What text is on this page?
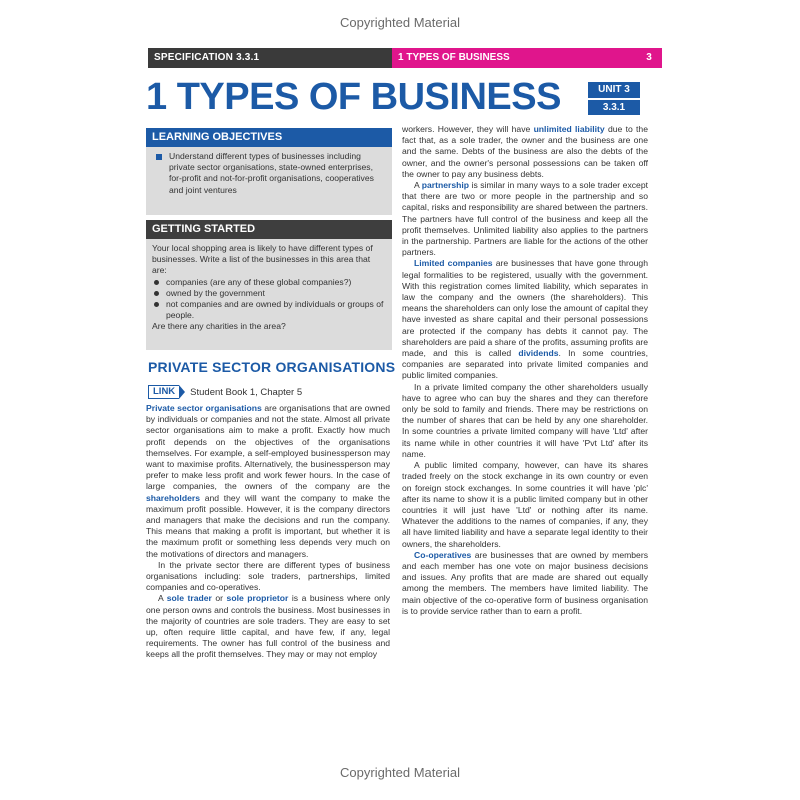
Copyrighted Material
SPECIFICATION 3.3.1	1 TYPES OF BUSINESS	3
1 TYPES OF BUSINESS	UNIT 3
3.3.1
LEARNING OBJECTIVES
Understand different types of businesses including private sector organisations, state-owned enterprises, for-profit and not-for-profit organisations, cooperatives and joint ventures
GETTING STARTED
Your local shopping area is likely to have different types of businesses. Write a list of the businesses in this area that are:
companies (are any of these global companies?)
owned by the government
not companies and are owned by individuals or groups of people.
Are there any charities in the area?
PRIVATE SECTOR ORGANISATIONS
LINK	Student Book 1, Chapter 5

Private sector organisations are organisations that are owned by individuals or companies and not the state. Almost all private sector organisations aim to make a profit. Exactly how much profit depends on the objectives of the organisations themselves. For example, a self-employed businessperson may want to maximise profits. Alternatively, the businessperson may prefer to make less profit and work fewer hours. In the case of large companies, the owners of the company are the shareholders and they will want the company to make the maximum profit possible. However, it is the company directors and managers that make the decisions and run the company. This means that making a profit is important, but whether it is the maximum profit or something less depends very much on the motivations of directors and managers.

In the private sector there are different types of business organisations including: sole traders, partnerships, limited companies and co-operatives.

A sole trader or sole proprietor is a business where only one person owns and controls the business. Most businesses in the majority of countries are sole traders. They are easy to set up, often require little capital, and have few, if any, legal requirements. The owner has full control of the business and keeps all the profit themselves. They may or may not employ

workers. However, they will have unlimited liability due to the fact that, as a sole trader, the owner and the business are one and the same. Debts of the business are also the debts of the owner, and the owner's personal possessions can be taken off the owner to pay any business debts.

A partnership is similar in many ways to a sole trader except that there are two or more people in the partnership and so capital, risks and responsibility are shared between the partners. The partners have full control of the business and keep all the profit themselves. Unlimited liability also applies to the partners in the partnership. Partners are liable for the actions of the other partners.

Limited companies are businesses that have gone through legal formalities to be registered, usually with the government. With this registration comes limited liability, which separates in law the company and the owners (the shareholders). This means the shareholders can only lose the amount of capital they have invested as share capital and their personal possessions are protected if the company has debts it cannot pay. The shareholders are paid a share of the profits, assuming profits are made, and this is called dividends. In some countries, companies are separated into private limited companies and public limited companies.

In a private limited company the other shareholders usually have to agree who can buy the shares and they can therefore only be sold to family and friends. There may be restrictions on the number of shares that can be held by any one shareholder. In some countries a private limited company will have 'Ltd' after its name while in other countries it will have 'Pvt Ltd' after its name.

A public limited company, however, can have its shares traded freely on the stock exchange in its own country or even on foreign stock exchanges. In some countries it will have 'plc' after its name to show it is a public limited company but in other countries it will just have 'Ltd' or nothing after its name. Whatever the additions to the names of companies, if any, they all have limited liability and have a separate legal identity to their owners, the shareholders.

Co-operatives are businesses that are owned by members and each member has one vote on major business decisions and issues. Any profits that are made are shared out equally among the members. The members have limited liability. The main objective of the co-operative form of business organisation is to provide service rather than to earn a profit.

Copyrighted Material
